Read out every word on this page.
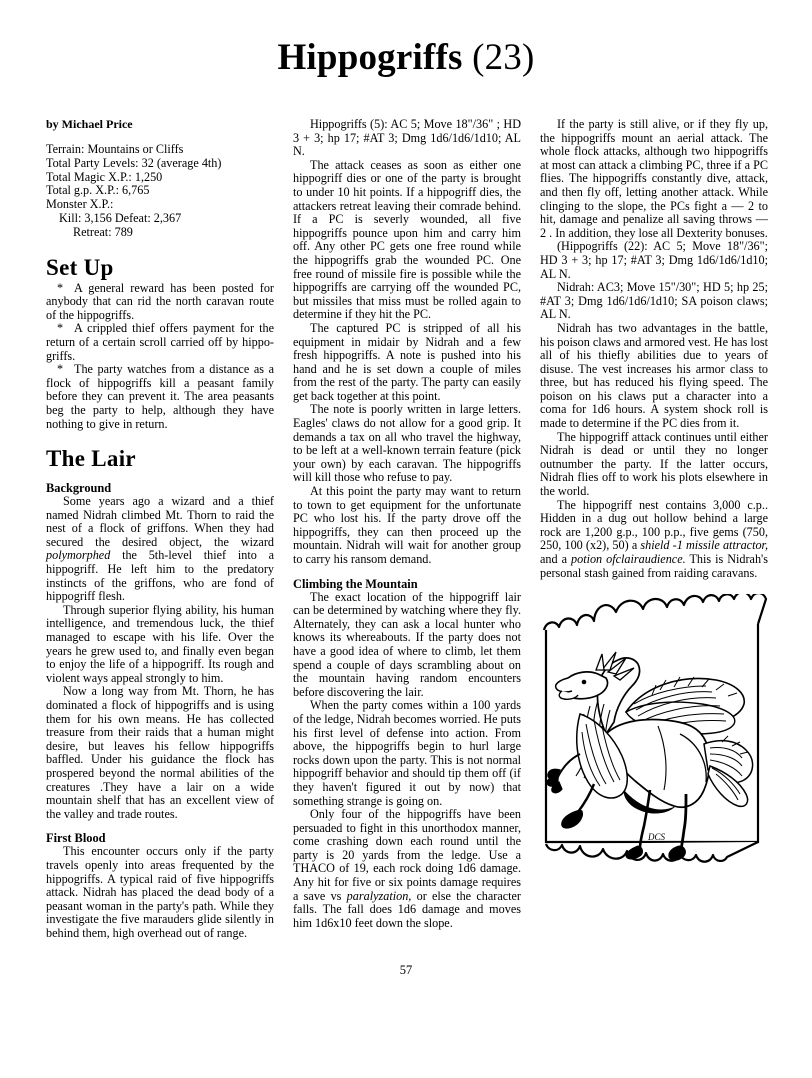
Hippogriffs (23)
by Michael Price
Terrain: Mountains or Cliffs
Total Party Levels: 32 (average 4th)
Total Magic X.P.: 1,250
Total g.p. X.P.: 6,765
Monster X.P.:
Kill: 3,156 Defeat: 2,367
Retreat: 789
Set Up

* A general reward has been posted for anybody that can rid the north caravan route of the hippogriffs.

* A crippled thief offers payment for the return of a certain scroll carried off by hippo-griffs.

* The party watches from a distance as a flock of hippogriffs kill a peasant family before they can prevent it. The area peasants beg the party to help, although they have nothing to give in return.

The Lair
Background

Some years ago a wizard and a thief named Nidrah climbed Mt. Thorn to raid the nest of a flock of griffons. When they had secured the desired object, the wizard polymorphed the 5th-level thief into a hippogriff. He left him to the predatory instincts of the griffons, who are fond of hippogriff flesh.

Through superior flying ability, his human intelligence, and tremendous luck, the thief managed to escape with his life. Over the years he grew used to, and finally even began to enjoy the life of a hippogriff. Its rough and violent ways appeal strongly to him.

Now a long way from Mt. Thorn, he has dominated a flock of hippogriffs and is using them for his own means. He has collected treasure from their raids that a human might desire, but leaves his fellow hippogriffs baffled. Under his guidance the flock has prospered beyond the normal abilities of the creatures .They have a lair on a wide mountain shelf that has an excellent view of the valley and trade routes.

First Blood

This encounter occurs only if the party travels openly into areas frequented by the hippogriffs. A typical raid of five hippogriffs attack. Nidrah has placed the dead body of a peasant woman in the party's path. While they investigate the five marauders glide silently in behind them, high overhead out of range.

Hippogriffs (5): AC 5; Move 18"/36" ; HD 3 + 3; hp 17; #AT 3; Dmg 1d6/1d6/1d10; AL N.

The attack ceases as soon as either one hippogriff dies or one of the party is brought to under 10 hit points. If a hippogriff dies, the attackers retreat leaving their comrade behind. If a PC is severly wounded, all five hippogriffs pounce upon him and carry him off. Any other PC gets one free round while the hippogriffs grab the wounded PC. One free round of missile fire is possible while the hippogriffs are carrying off the wounded PC, but missiles that miss must be rolled again to determine if they hit the PC.

The captured PC is stripped of all his equipment in midair by Nidrah and a few fresh hippogriffs. A note is pushed into his hand and he is set down a couple of miles from the rest of the party. The party can easily get back together at this point.

The note is poorly written in large letters. Eagles' claws do not allow for a good grip. It demands a tax on all who travel the highway, to be left at a well-known terrain feature (pick your own) by each caravan. The hippogriffs will kill those who refuse to pay.

At this point the party may want to return to town to get equipment for the unfortunate PC who lost his. If the party drove off the hippogriffs, they can then proceed up the mountain. Nidrah will wait for another group to carry his ransom demand.

Climbing the Mountain

The exact location of the hippogriff lair can be determined by watching where they fly. Alternately, they can ask a local hunter who knows its whereabouts. If the party does not have a good idea of where to climb, let them spend a couple of days scrambling about on the mountain having random encounters before discovering the lair.

When the party comes within a 100 yards of the ledge, Nidrah becomes worried. He puts his first level of defense into action. From above, the hippogriffs begin to hurl large rocks down upon the party. This is not normal hippogriff behavior and should tip them off (if they haven't figured it out by now) that something strange is going on.

Only four of the hippogriffs have been persuaded to fight in this unorthodox manner, come crashing down each round until the party is 20 yards from the ledge. Use a THACO of 19, each rock doing 1d6 damage. Any hit for five or six points damage requires a save vs paralyzation, or else the character falls. The fall does 1d6 damage and moves him 1d6x10 feet down the slope.

If the party is still alive, or if they fly up, the hippogriffs mount an aerial attack. The whole flock attacks, although two hippogriffs at most can attack a climbing PC, three if a PC flies. The hippogriffs constantly dive, attack, and then fly off, letting another attack. While clinging to the slope, the PCs fight a — 2 to hit, damage and penalize all saving throws — 2 . In addition, they lose all Dexterity bonuses.

(Hippogriffs (22): AC 5; Move 18"/36"; HD 3 + 3; hp 17; #AT 3; Dmg 1d6/1d6/1d10; AL N.

Nidrah: AC3; Move 15"/30"; HD 5; hp 25; #AT 3; Dmg 1d6/1d6/1d10; SA poison claws; AL N.

Nidrah has two advantages in the battle, his poison claws and armored vest. He has lost all of his thiefly abilities due to years of disuse. The vest increases his armor class to three, but has reduced his flying speed. The poison on his claws put a character into a coma for 1d6 hours. A system shock roll is made to determine if the PC dies from it.

The hippogriff attack continues until either Nidrah is dead or until they no longer outnumber the party. If the latter occurs, Nidrah flies off to work his plots elsewhere in the world.

The hippogriff nest contains 3,000 c.p.. Hidden in a dug out hollow behind a large rock are 1,200 g.p., 100 p.p., five gems (750, 250, 100 (x2), 50) a shield -1 missile attractor, and a potion ofclairaudience. This is Nidrah's personal stash gained from raiding caravans.

DCS
57
